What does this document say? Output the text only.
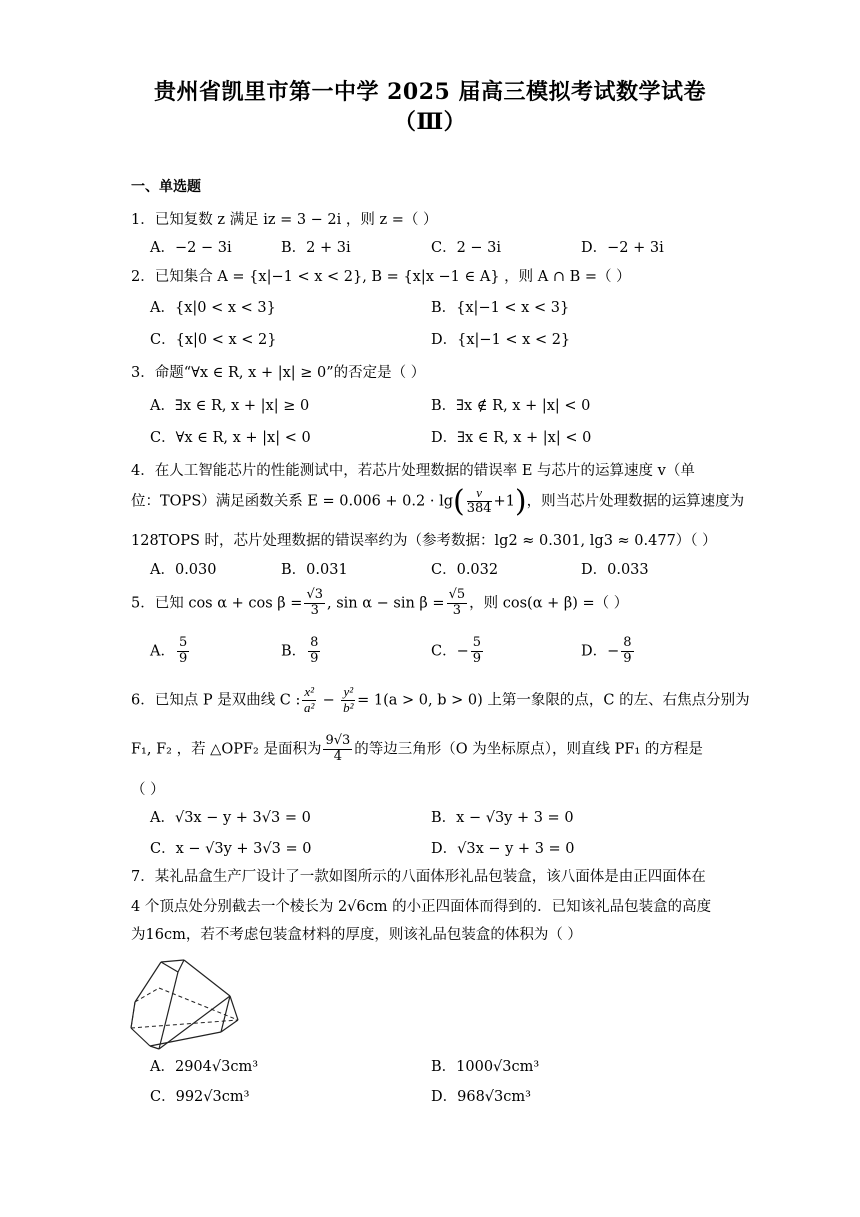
贵州省凯里市第一中学 2025 届高三模拟考试数学试卷
（Ⅲ）
一、单选题
1．已知复数 z 满足 iz = 3 − 2i ，则 z =（ ）
A．−2 − 3i	B．2 + 3i	C．2 − 3i	D．−2 + 3i
2．已知集合 A = {x|−1 < x < 2}, B = {x|x −1 ∈ A} ，则 A ∩ B =（ ）
A．{x|0 < x < 3}	B．{x|−1 < x < 3}
C．{x|0 < x < 2}	D．{x|−1 < x < 2}
3．命题“∀x ∈ R, x + |x| ≥ 0”的否定是（ ）
A．∃x ∈ R, x + |x| ≥ 0	B．∃x ∉ R, x + |x| < 0
C．∀x ∈ R, x + |x| < 0	D．∃x ∈ R, x + |x| < 0
4．在人工智能芯片的性能测试中，若芯片处理数据的错误率 E 与芯片的运算速度 v（单
位：TOPS）满足函数关系 $E = 0.006 + 0.2 \cdot \lg( \frac{v}{384} +1)$，则当芯片处理数据的运算速度为
128TOPS 时，芯片处理数据的错误率约为（参考数据：lg2 ≈ 0.301, lg3 ≈ 0.477）（ ）
A．0.030	B．0.031	C．0.032	D．0.033
5．已知 $\cos \alpha + \cos \beta = \frac{√3}{3}$ , $\sin \alpha - \sin \beta = \frac{√5}{3}$ ，则 cos(α + β) =（ ）
A． $\frac{5}{9}$	B． $\frac{8}{9}$	C．− $\frac{5}{9}$	D．− $\frac{8}{9}$
6．已知点 P 是双曲线 C : $\frac{\text{x²}}{\text{a²}} - \frac{\text{y²}}{\text{b²}} = 1(a > 0$, b > 0) 上第一象限的点，C 的左、右焦点分别为
F₁, F₂ ，若 △OPF₂ 是面积为 $\frac{9√3}{4}$ 的等边三角形（O 为坐标原点），则直线 PF₁ 的方程是
（ ）
A．√3x − y + 3√3 = 0	B．x − √3y + 3 = 0
C．x − √3y + 3√3 = 0	D．√3x − y + 3 = 0
7．某礼品盒生产厂设计了一款如图所示的八面体形礼品包装盒，该八面体是由正四面体在
4 个顶点处分别截去一个棱长为 2√6cm 的小正四面体而得到的．已知该礼品包装盒的高度
为16cm，若不考虑包装盒材料的厚度，则该礼品包装盒的体积为（ ）
A．2904√3cm³	B．1000√3cm³
C．992√3cm³	D．968√3cm³
